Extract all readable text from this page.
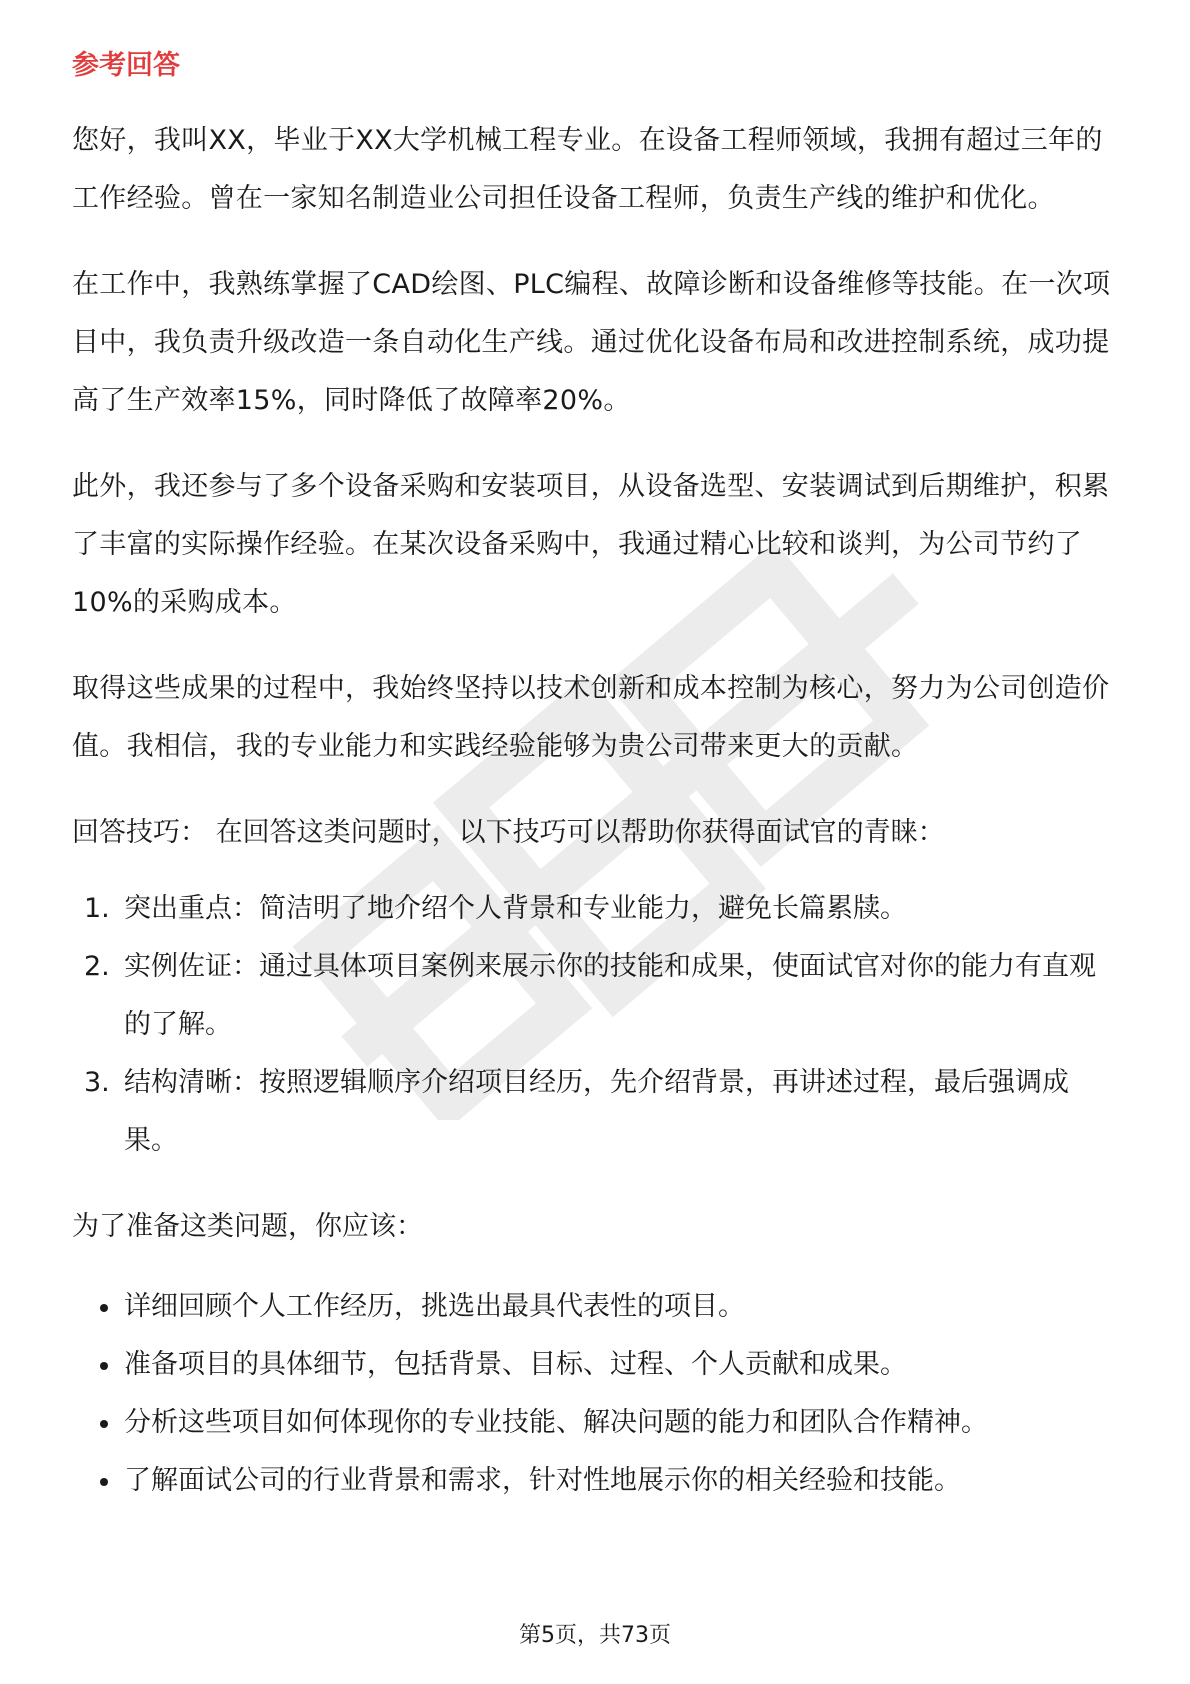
参考回答

您好，我叫XX，毕业于XX大学机械工程专业。在设备工程师领域，我拥有超过三年的工作经验。曾在一家知名制造业公司担任设备工程师，负责生产线的维护和优化。

在工作中，我熟练掌握了CAD绘图、PLC编程、故障诊断和设备维修等技能。在一次项目中，我负责升级改造一条自动化生产线。通过优化设备布局和改进控制系统，成功提高了生产效率15%，同时降低了故障率20%。

此外，我还参与了多个设备采购和安装项目，从设备选型、安装调试到后期维护，积累了丰富的实际操作经验。在某次设备采购中，我通过精心比较和谈判，为公司节约了10%的采购成本。

取得这些成果的过程中，我始终坚持以技术创新和成本控制为核心，努力为公司创造价值。我相信，我的专业能力和实践经验能够为贵公司带来更大的贡献。

回答技巧： 在回答这类问题时，以下技巧可以帮助你获得面试官的青睐：

1. 突出重点：简洁明了地介绍个人背景和专业能力，避免长篇累牍。
2. 实例佐证：通过具体项目案例来展示你的技能和成果，使面试官对你的能力有直观的了解。
3. 结构清晰：按照逻辑顺序介绍项目经历，先介绍背景，再讲述过程，最后强调成果。

为了准备这类问题，你应该：

详细回顾个人工作经历，挑选出最具代表性的项目。
准备项目的具体细节，包括背景、目标、过程、个人贡献和成果。
分析这些项目如何体现你的专业技能、解决问题的能力和团队合作精神。
了解面试公司的行业背景和需求，针对性地展示你的相关经验和技能。
第5页，共73页
